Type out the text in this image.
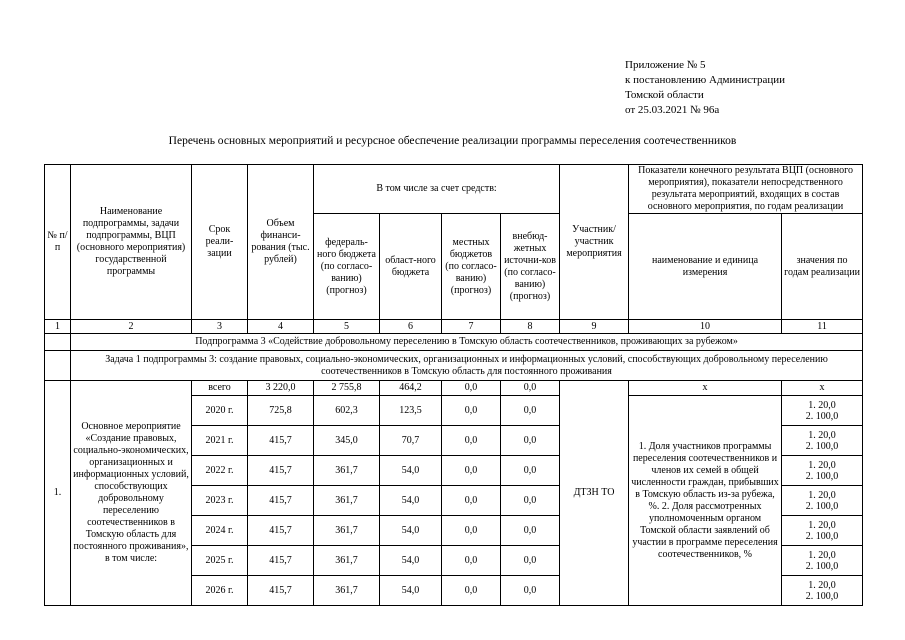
Приложение № 5
к постановлению Администрации
Томской области
от 25.03.2021 № 96а
Перечень основных мероприятий и ресурсное обеспечение реализации программы переселения соотечественников
№ п/п	Наименование подпрограммы, задачи подпрограммы, ВЦП (основного мероприятия) государственной программы	Срок реали-зации	Объем финанси-рования (тыс. рублей)	В том числе за счет средств:				Участник/ участник мероприятия	Показатели конечного результата ВЦП (основного мероприятия), показатели непосредственного результата мероприятий, входящих в состав основного мероприятия, по годам реализации	
				федераль-ного бюджета (по согласо-ванию) (прогноз)	област-ного бюджета	местных бюджетов (по согласо-ванию) (прогноз)	внебюд-жетных источни-ков (по согласо-ванию) (прогноз)		наименование и единица измерения	значения по годам реализации
1	2	3	4	5	6	7	8	9	10	11
	Подпрограмма 3 «Содействие добровольному переселению в Томскую область соотечественников, проживающих за рубежом»									
	Задача 1 подпрограммы 3: создание правовых, социально-экономических, организационных и информационных условий, способствующих добровольному переселению соотечественников в Томскую область для постоянного проживания									
1.	Основное мероприятие «Создание правовых, социально-экономических, организационных и информационных условий, способствующих добровольному переселению соотечественников в Томскую область для постоянного проживания», в том числе:	всего	3 220,0	2 755,8	464,2	0,0	0,0	ДТЗН ТО	x	x
		2020 г.	725,8	602,3	123,5	0,0	0,0		1. Доля участников программы переселения соотечественников и членов их семей в общей численности граждан, прибывших в Томскую область из-за рубежа, %. 2. Доля рассмотренных уполномоченным органом Томской области заявлений об участии в программе переселения соотечественников, %	1. 20,0
2. 100,0

		2021 г.	415,7	345,0	70,7	0,0	0,0			1. 20,0
2. 100,0

		2022 г.	415,7	361,7	54,0	0,0	0,0			1. 20,0
2. 100,0

		2023 г.	415,7	361,7	54,0	0,0	0,0			1. 20,0
2. 100,0

		2024 г.	415,7	361,7	54,0	0,0	0,0			1. 20,0
2. 100,0

		2025 г.	415,7	361,7	54,0	0,0	0,0			1. 20,0
2. 100,0

		2026 г.	415,7	361,7	54,0	0,0	0,0			1. 20,0
2. 100,0
